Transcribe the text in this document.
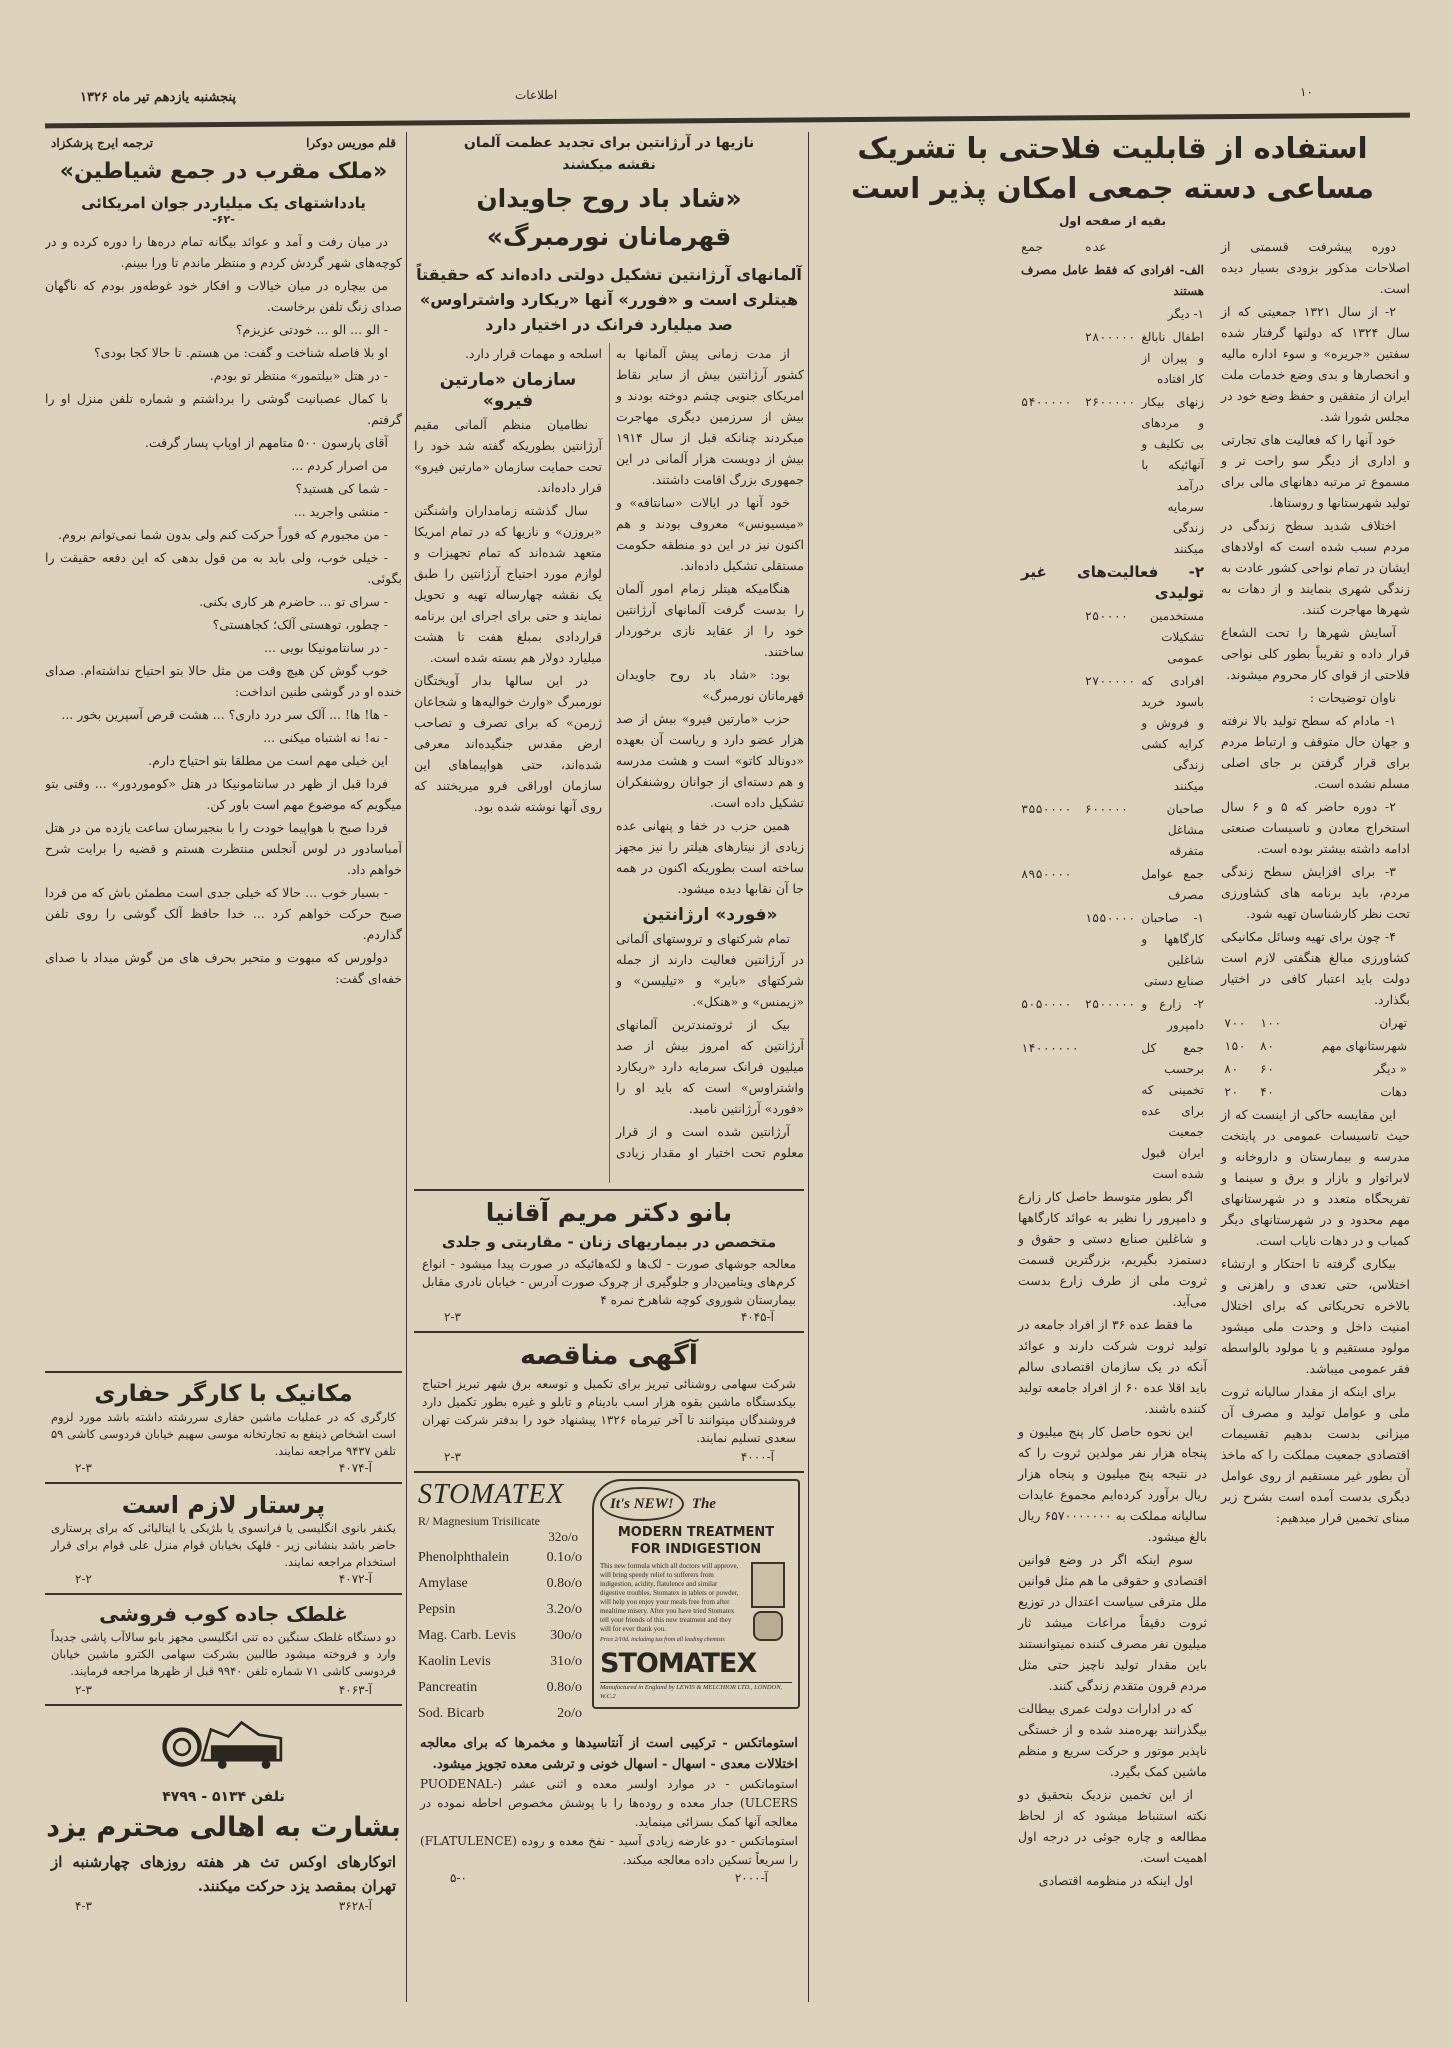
پنجشنبه یازدهم تیر ماه ۱۳۲۶	اطلاعات	۱۰
استفاده از قابلیت فلاحتی با تشریک مساعی دسته جمعی امکان پذیر است
بقیه از صفحه اول

دوره پیشرفت قسمتی از اصلاحات مذکور بزودی بسیار دیده است.

۲- از سال ۱۳۲۱ جمعیتی که از سال ۱۳۲۴ که دولتها گرفتار شده سفتین «جریره» و سوء اداره مالیه و انحصارها و بدی وضع خدمات ملت ایران از متفقین و حفظ وضع خود در مجلس شورا شد.

خود آنها را که فعالیت های تجارتی و اداری از دیگر سو راحت تر و مسموع تر مرتبه دهانهای مالی برای تولید شهرستانها و روستاها.

اختلاف شدید سطح زندگی در مردم سبب شده است که اولادهای ایشان در تمام نواحی کشور عادت به زندگی شهری بنمایند و از دهات به شهرها مهاجرت کنند.

آسایش شهرها را تحت الشعاع قرار داده و تقریباً بطور کلی نواحی فلاحتی از قوای کار محروم میشوند.

ناوان توضیحات :

۱- مادام که سطح تولید بالا نرفته و جهان حال متوقف و ارتباط مردم برای قرار گرفتن بر جای اصلی مسلم نشده است.

۲- دوره حاضر که ۵ و ۶ سال استخراج معادن و تاسیسات صنعتی ادامه داشته بیشتر بوده است.

۳- برای افزایش سطح زندگی مردم، باید برنامه های کشاورزی تحت نظر کارشناسان تهیه شود.

۴- چون برای تهیه وسائل مکانیکی کشاورزی مبالغ هنگفتی لازم است دولت باید اعتبار کافی در اختیار بگذارد.

تهران	۱۰۰	۷۰۰
شهرستانهای مهم	۸۰	۱۵۰
« دیگر	۶۰	۸۰
دهات	۴۰	۲۰

این مقایسه حاکی از اینست که از حیث تاسیسات عمومی در پایتخت مدرسه و بیمارستان و داروخانه و لابراتوار و بازار و برق و سینما و تفریحگاه متعدد و در شهرستانهای مهم محدود و در شهرستانهای دیگر کمیاب و در دهات نایاب است.

بیکاری گرفته تا احتکار و ارتشاء اختلاس، حتی تعدی و راهزنی و بالاخره تحریکاتی که برای اختلال امنیت داخل و وحدت ملی میشود مولود مستقیم و یا مولود بالواسطه فقر عمومی میباشد.

برای اینکه از مقدار سالیانه ثروت ملی و عوامل تولید و مصرف آن میزانی بدست بدهیم تقسیمات اقتصادی جمعیت مملکت را که ماخذ آن بطور غیر مستقیم از روی عوامل دیگری بدست آمده است بشرح زیر مبنای تخمین قرار میدهیم:

	عده	جمع
الف- افرادی که فقط عامل مصرف هستند		
۱- دیگر		
اطفال نابالغ و پیران از کار افتاده	۲۸۰۰۰۰۰	
زنهای بیکار و مردهای بی تکلیف و آنهائیکه با درآمد سرمایه زندگی میکنند	۲۶۰۰۰۰۰	۵۴۰۰۰۰۰
۲- فعالیت‌های غیر تولیدی		
مستخدمین تشکیلات عمومی	۲۵۰۰۰۰	
افرادی که باسود خرید و فروش و کرایه کشی زندگی میکنند	۲۷۰۰۰۰۰	
صاحبان مشاغل متفرقه	۶۰۰۰۰۰	۳۵۵۰۰۰۰
جمع عوامل مصرف		۸۹۵۰۰۰۰
۱- صاحبان کارگاهها و شاغلین صنایع دستی	۱۵۵۰۰۰۰	
۲- زارع و دامپرور	۲۵۰۰۰۰۰	۵۰۵۰۰۰۰
جمع کل برحسب تخمینی که برای عده جمعیت ایران قبول شده است		۱۴۰۰۰۰۰۰

اگر بطور متوسط حاصل کار زارع و دامپرور را نظیر به عوائد کارگاهها و شاغلین صنایع دستی و حقوق و دستمزد بگیریم، بزرگترین قسمت ثروت ملی از طرف زارع بدست می‌آید.

ما فقط عده ۳۶ از افراد جامعه در تولید ثروت شرکت دارند و عوائد آنکه در یک سازمان اقتصادی سالم باید اقلا عده ۶۰ از افراد جامعه تولید کننده باشند.

این نحوه حاصل کار پنج میلیون و پنجاه هزار نفر مولدین ثروت را که در نتیجه پنج میلیون و پنجاه هزار ریال برآورد کرده‌ایم مجموع عایدات سالیانه مملکت به ۶۵۷۰۰۰۰۰۰۰ ریال بالغ میشود.

سوم اینکه اگر در وضع قوانین اقتصادی و حقوقی ما هم مثل قوانین ملل مترقی سیاست اعتدال در توزیع ثروت دقیقاً مراعات میشد ثار میلیون نفر مصرف کننده نمیتوانستند باین مقدار تولید ناچیز حتی مثل مردم قرون متقدم زندگی کنند.

که در ادارات دولت عمری بیطالت بیگذرانند بهره‌مند شده و از خستگی ناپذیر موتور و حرکت سریع و منظم ماشین کمک بگیرد.

از این تخمین نزدیک بتحقیق دو نکته استنباط میشود که از لحاظ مطالعه و چاره جوئی در درجه اول اهمیت است.

اول اینکه در منظومه اقتصادی

نازیها در آرژانتین برای تجدید عظمت آلمان نقشه میکشند
«شاد باد روح جاویدان قهرمانان نورمبرگ»
آلمانهای آرژانتین تشکیل دولتی داده‌اند که حقیقتاً هیتلری است و «فورر» آنها «ریکارد واشتراوس» صد میلیارد فرانک در اختیار دارد

از مدت زمانی پیش آلمانها به کشور آرژانتین بیش از سایر نقاط امریکای جنوبی چشم دوخته بودند و بیش از سرزمین دیگری مهاجرت میکردند چنانکه قبل از سال ۱۹۱۴ بیش از دویست هزار آلمانی در این جمهوری بزرگ اقامت داشتند.

خود آنها در ایالات «سانتافه» و «میسیونس» معروف بودند و هم اکنون نیز در این دو منطقه حکومت مستقلی تشکیل داده‌اند.

هنگامیکه هیتلر زمام امور آلمان را بدست گرفت آلمانهای آرژانتین خود را از عقاید نازی برخوردار ساختند.

بود: «شاد باد روح جاویدان قهرمانان نورمبرگ»

حزب «مارتین فیرو» بیش از صد هزار عضو دارد و ریاست آن بعهده «دونالد کاتو» است و هشت مدرسه و هم دسته‌ای از جوانان روشنفکران تشکیل داده است.

همین حزب در خفا و پنهانی عده زیادی از نیتارهای هیلتر را نیز مجهز ساخته است بطوریکه اکنون در همه جا آن نقابها دیده میشود.

«فورد» ارژانتین

تمام شرکتهای و تروستهای آلمانی در آرژانتین فعالیت دارند از جمله شرکتهای «بایر» و «تیلیسن» و «زیمنس» و «هنکل».

بیک از ثروتمندترین آلمانهای آرژانتین که امروز بیش از صد میلیون فرانک سرمایه دارد «ریکارد واشتراوس» است که باید او را «فورد» آرژانتین نامید.

آرژانتین شده است و از قرار معلوم تحت اختیار او مقدار زیادی اسلحه و مهمات قرار دارد.

سازمان «مارتین فیرو»

نظامیان منظم آلمانی مقیم آرژانتین بطوریکه گفته شد خود را تحت حمایت سازمان «مارتین فیرو» قرار داده‌اند.

سال گذشته زمامداران واشنگتن «بروزن» و نازیها که در تمام امریکا متعهد شده‌اند که تمام تجهیزات و لوازم مورد احتیاج آرژانتین را طبق یک نقشه چهارساله تهیه و تحویل نمایند و حتی برای اجرای این برنامه قراردادی بمبلغ هفت تا هشت میلیارد دولار هم بسته شده است.

در این سالها بدار آویختگان نورمبرگ «وارث خوالیه‌ها و شجاعان ژرمن» که برای تصرف و تصاحب ارض مقدس جنگیده‌اند معرفی شده‌اند، حتی هواپیماهای این سازمان اوراقی فرو میریختند که روی آنها نوشته شده بود.

بانو دکتر مریم آقانیا
متخصص در بیماریهای زنان - مقاربتی و جلدی
معالجه جوشهای صورت - لک‌ها و لکه‌هائیکه در صورت پیدا میشود - انواع کرم‌های ویتامین‌دار و جلوگیری از چروک صورت آدرس - خیابان نادری مقابل بیمارستان شوروی کوچه شاهرخ نمره ۴
آ-۴۰۴۵
۲-۳
آگهی مناقصه
شرکت سهامی روشنائی تبریز برای تکمیل و توسعه برق شهر تبریز احتیاج بیکدستگاه ماشین بقوه هزار اسب بادینام و تابلو و غیره بطور تکمیل دارد فروشندگان میتوانند تا آخر تیرماه ۱۳۲۶ پیشنهاد خود را بدفتر شرکت تهران سعدی تسلیم نمایند.
آ-۴۰۰۰
۲-۳
STOMATEX
R/ Magnesium Trisilicate
32o/o
Phenolphthalein	0.1o/o
Amylase	0.8o/o
Pepsin	3.2o/o
Mag. Carb. Levis 30o/o
Kaolin Levis	31o/o
Pancreatin	0.8o/o
Sod. Bicarb	2o/o
It's NEW!	The
MODERN TREATMENT
FOR INDIGESTION
This new formula which all doctors will approve, will bring speedy relief to sufferers from indigestion, acidity, flatulence and similar digestive troubles. Stomatex in tablets or powder, will help you enjoy your meals free from after mealtime misery. After you have tried Stomatex tell your friends of this new treatment and they will for ever thank you.
Price 2/10d. including tax from all leading chemists
STOMATEX
Manufactured in England by LEWIS & MELCHIOR LTD., LONDON, W.C.2

استوماتکس - ترکیبی است از آنتاسیدها و مخمرها که برای معالجه اختلالات معدی - اسهال - اسهال خونی و ترشی معده تجویز میشود.

استوماتکس - در موارد اولسر معده و اثنی عشر (PUODENAL-ULCERS) جدار معده و روده‌ها را با پوشش مخصوص احاطه نموده در معالجه آنها کمک بسزائی مینماید.

استوماتکس - دو عارضه زیادی آسید - نفخ معده و روده (FLATULENCE) را سریعاً تسکین داده معالجه میکند.

آ-۲۰۰۰
۵-۰
قلم موریس دوکرا
ترجمه ایرج پزشکزاد
«ملک مقرب در جمع شیاطین»
یادداشتهای یک میلیاردر جوان امریکائی
-۶۲-

در میان رفت و آمد و عوائد بیگانه تمام دره‌ها را دوره کرده و در کوچه‌های شهر گردش کردم و منتظر ماندم تا ورا ببینم.

من بیچاره در میان خیالات و افکار خود غوطه‌ور بودم که ناگهان صدای زنگ تلفن برخاست.

- الو ... الو ... خودتی عزیزم؟

او بلا فاصله شناخت و گفت: من هستم. تا حالا کجا بودی؟

- در هتل «بیلتمور» منتظر تو بودم.

با کمال عصبانیت گوشی را برداشتم و شماره تلفن منزل او را گرفتم.

آقای پارسون ۵۰۰ متامهم از اوپاپ پسار گرفت.

من اصرار کردم ...

- شما کی هستید؟

- منشی واجرید ...

- من مجبورم که فوراً حرکت کنم ولی بدون شما نمی‌توانم بروم.

- خیلی خوب، ولی باید به من قول بدهی که این دفعه حقیقت را بگوئی.

- سرای تو ... حاضرم هر کاری بکنی.

- چطور، توهستی آلک؛ کجاهستی؟

- در سانتامونیکا بویی ...

خوب گوش کن هیچ وقت من مثل حالا بتو احتیاج نداشته‌ام. صدای خنده او در گوشی طنین انداخت:

- ها! ها! ... آلک سر درد داری؟ ... هشت قرص آسپرین بخور ...

- نه! نه اشتباه میکنی ...

این خیلی مهم است من مطلقا بتو احتیاج دارم.

فردا قبل از ظهر در سانتامونیکا در هتل «کوموردور» ... وقتی بتو میگویم که موضوع مهم است باور کن.

فردا صبح با هواپیما خودت را با بنجیرسان ساعت یازده من در هتل آمباسادور در لوس آنجلس منتظرت هستم و قضیه را برایت شرح خواهم داد.

- بسیار خوب ... حالا که خیلی جدی است مطمئن باش که من فردا صبح حرکت خواهم کرد ... خدا حافظ آلک گوشی را روی تلفن گذاردم.

دولورس که مبهوت و متحیر بحرف های من گوش میداد با صدای خفه‌ای گفت:

مکانیک با کارگر حفاری
کارگری که در عملیات ماشین حفاری سررشته داشته باشد مورد لزوم است اشخاص ذینفع به تجارتخانه موسی سهیم خیابان فردوسی کاشی ۵۹ تلفن ۹۴۳۷ مراجعه نمایند.
آ-۴۰۷۴
۲-۳
پرستار لازم است
یکنفر بانوی انگلیسی یا فرانسوی یا بلژیکی یا ایتالیائی که برای پرستاری حاضر باشد بنشانی زیر - قلهک بخیابان قوام منزل علی قوام برای قرار استخدام مراجعه نمایند.
آ-۴۰۷۲
۲-۲
غلطک جاده کوب فروشی
دو دستگاه غلطک سنگین ده تنی انگلیسی مجهز بابو سالاآب پاشی جدیداً وارد و فروخته میشود طالبین بشرکت سهامی الکترو ماشین خیابان فردوسی کاشی ۷۱ شماره تلفن ۹۹۴۰ قبل از ظهرها مراجعه فرمایند.
آ-۴۰۶۳
۲-۳
تلفن ۵۱۳۴ - ۴۷۹۹
بشارت به اهالی محترم یزد
اتوکارهای اوکس تث هر هفته روزهای چهارشنبه از تهران بمقصد یزد حرکت میکنند.
آ-۳۶۲۸
۴-۳
